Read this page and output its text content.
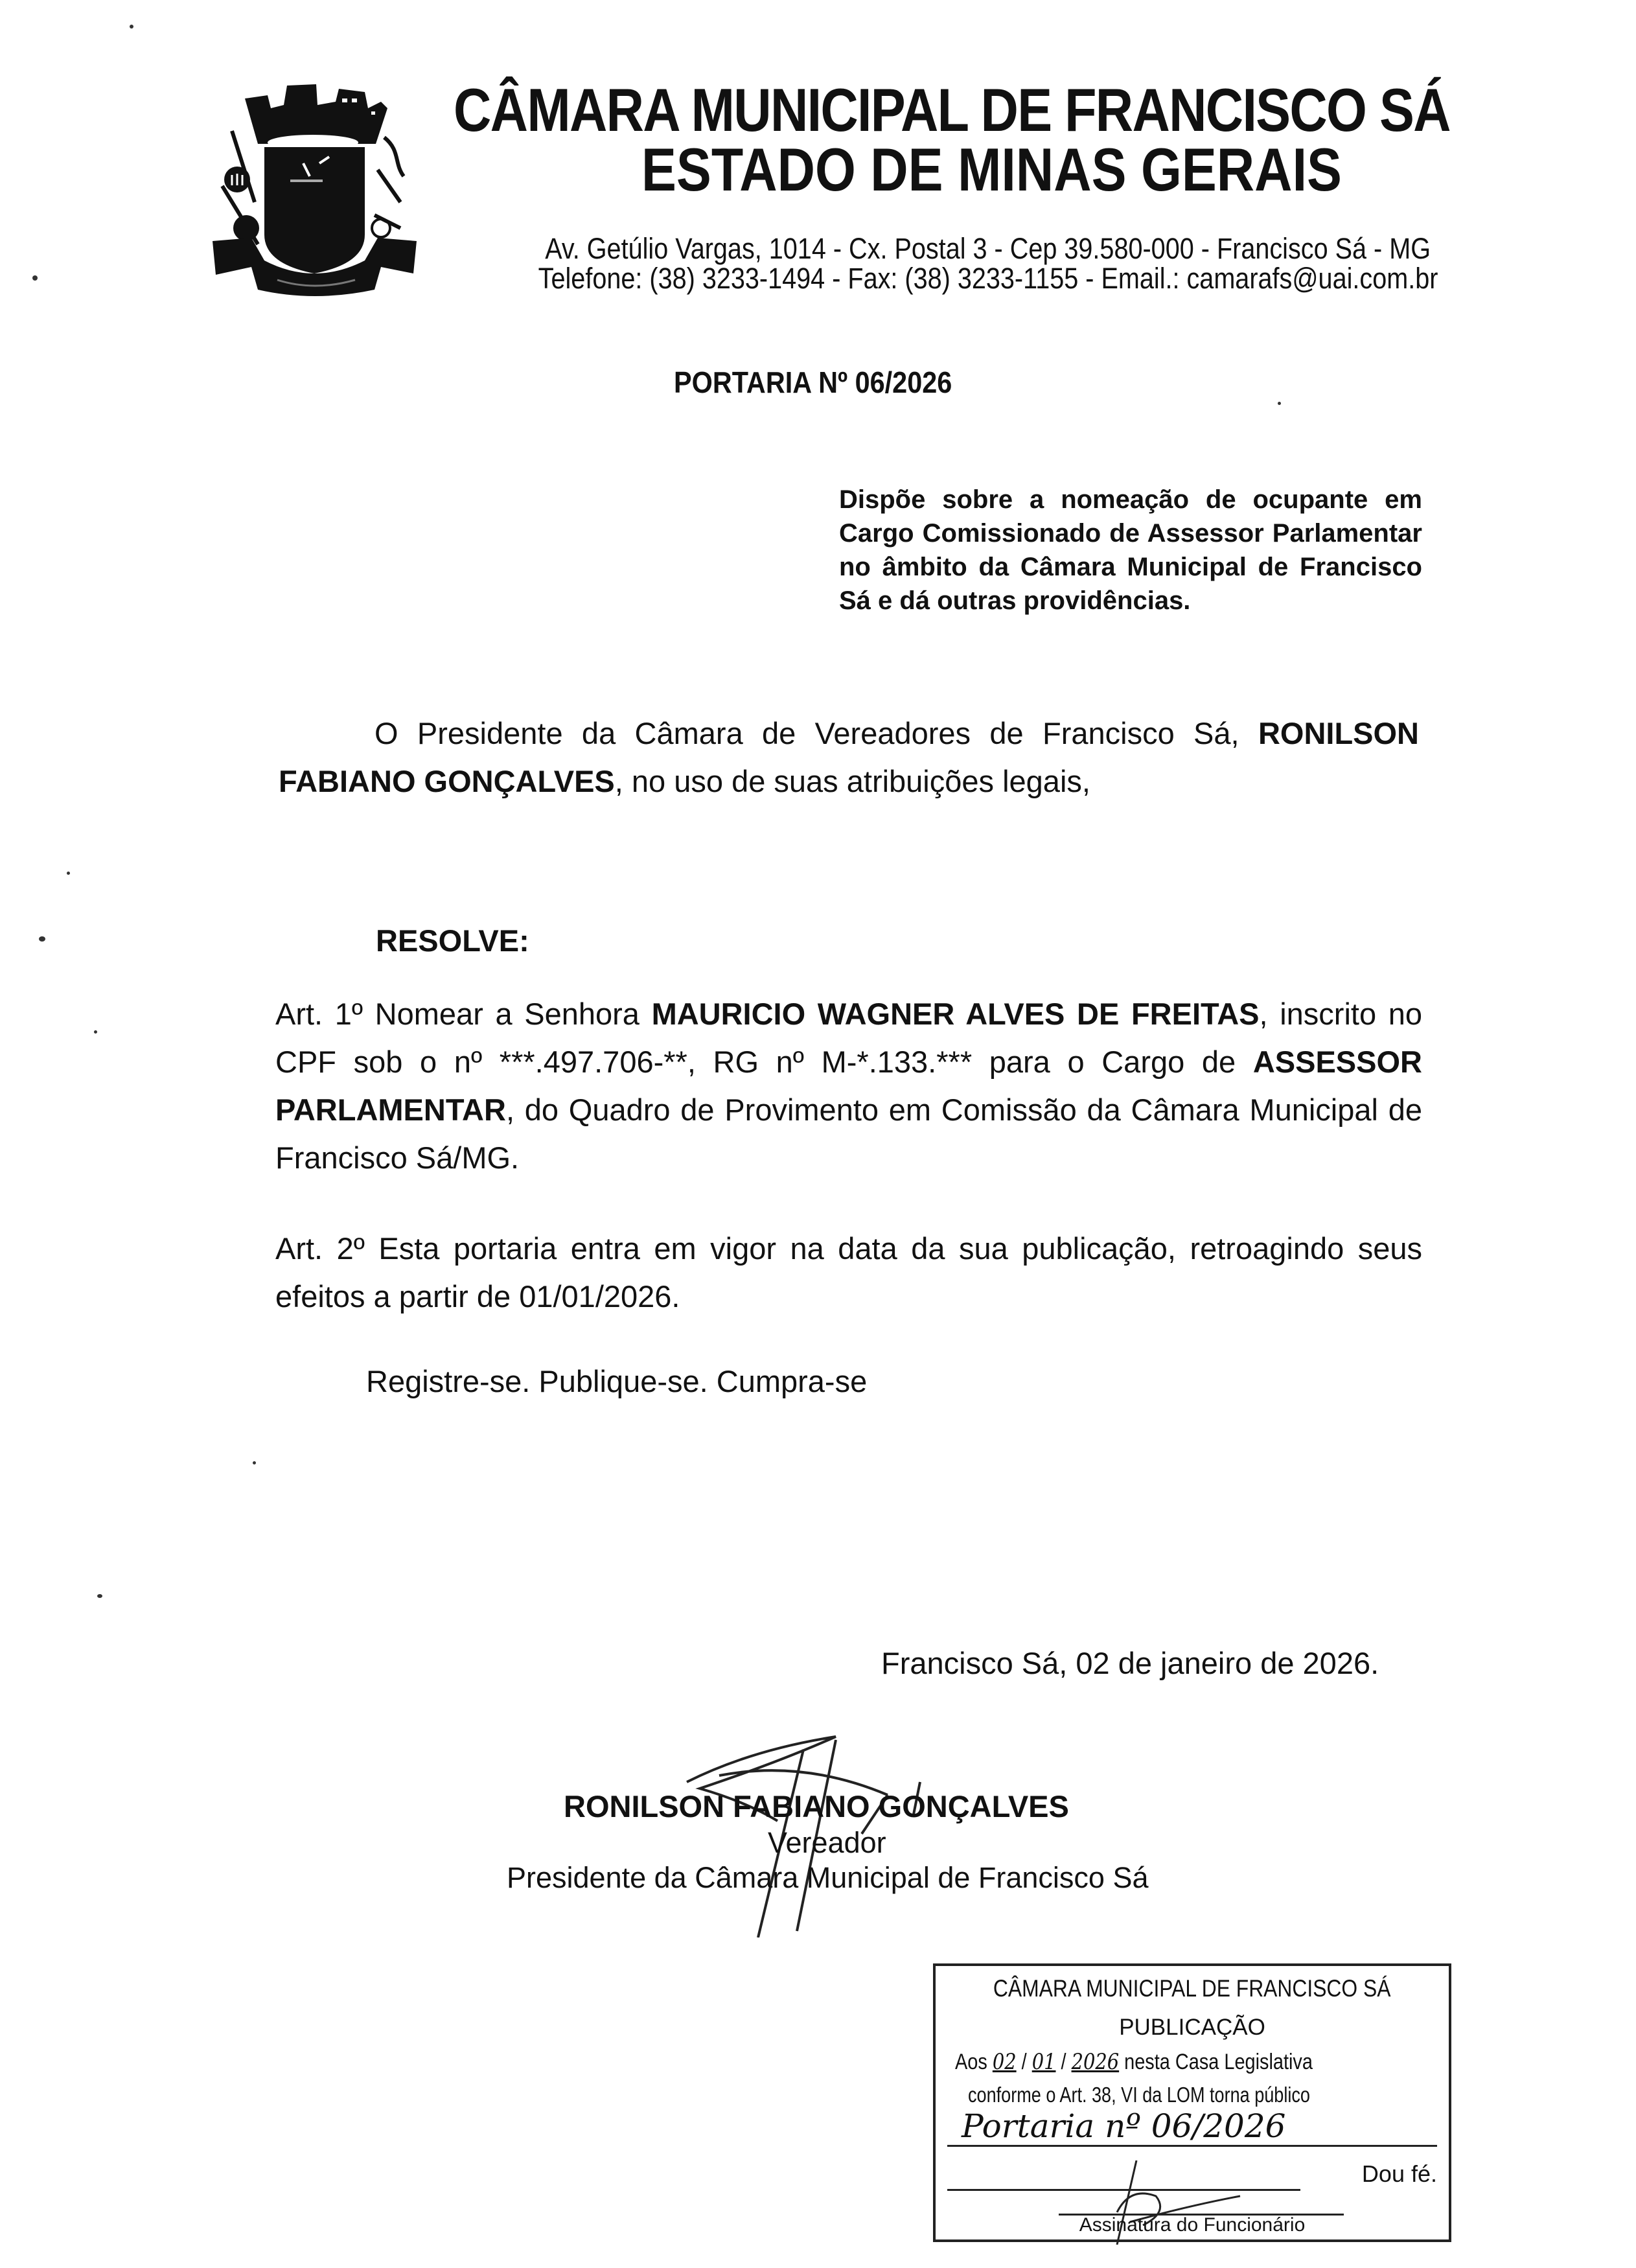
CÂMARA MUNICIPAL DE FRANCISCO SÁ
ESTADO DE MINAS GERAIS
Av. Getúlio Vargas, 1014 - Cx. Postal 3 - Cep 39.580-000 - Francisco Sá - MG
Telefone: (38) 3233-1494 - Fax: (38) 3233-1155 - Email.: camarafs@uai.com.br
PORTARIA Nº 06/2026
Dispõe sobre a nomeação de ocupante em Cargo Comissionado de Assessor Parlamentar no âmbito da Câmara Municipal de Francisco Sá e dá outras providências.
O Presidente da Câmara de Vereadores de Francisco Sá, RONILSON FABIANO GONÇALVES, no uso de suas atribuições legais,
RESOLVE:
Art. 1º Nomear a Senhora MAURICIO WAGNER ALVES DE FREITAS, inscrito no CPF sob o nº ***.497.706-**, RG nº M-*.133.*** para o Cargo de ASSESSOR PARLAMENTAR, do Quadro de Provimento em Comissão da Câmara Municipal de Francisco Sá/MG.
Art. 2º Esta portaria entra em vigor na data da sua publicação, retroagindo seus efeitos a partir de 01/01/2026.
Registre-se. Publique-se. Cumpra-se
Francisco Sá, 02 de janeiro de 2026.
RONILSON FABIANO GONÇALVES
Vereador
Presidente da Câmara Municipal de Francisco Sá
CÂMARA MUNICIPAL DE FRANCISCO SÁ
PUBLICAÇÃO
Aos 02 / 01 / 2026 nesta Casa Legislativa
conforme o Art. 38, VI da LOM torna público
Portaria nº 06/2026
Dou fé.
Assinatura do Funcionário
